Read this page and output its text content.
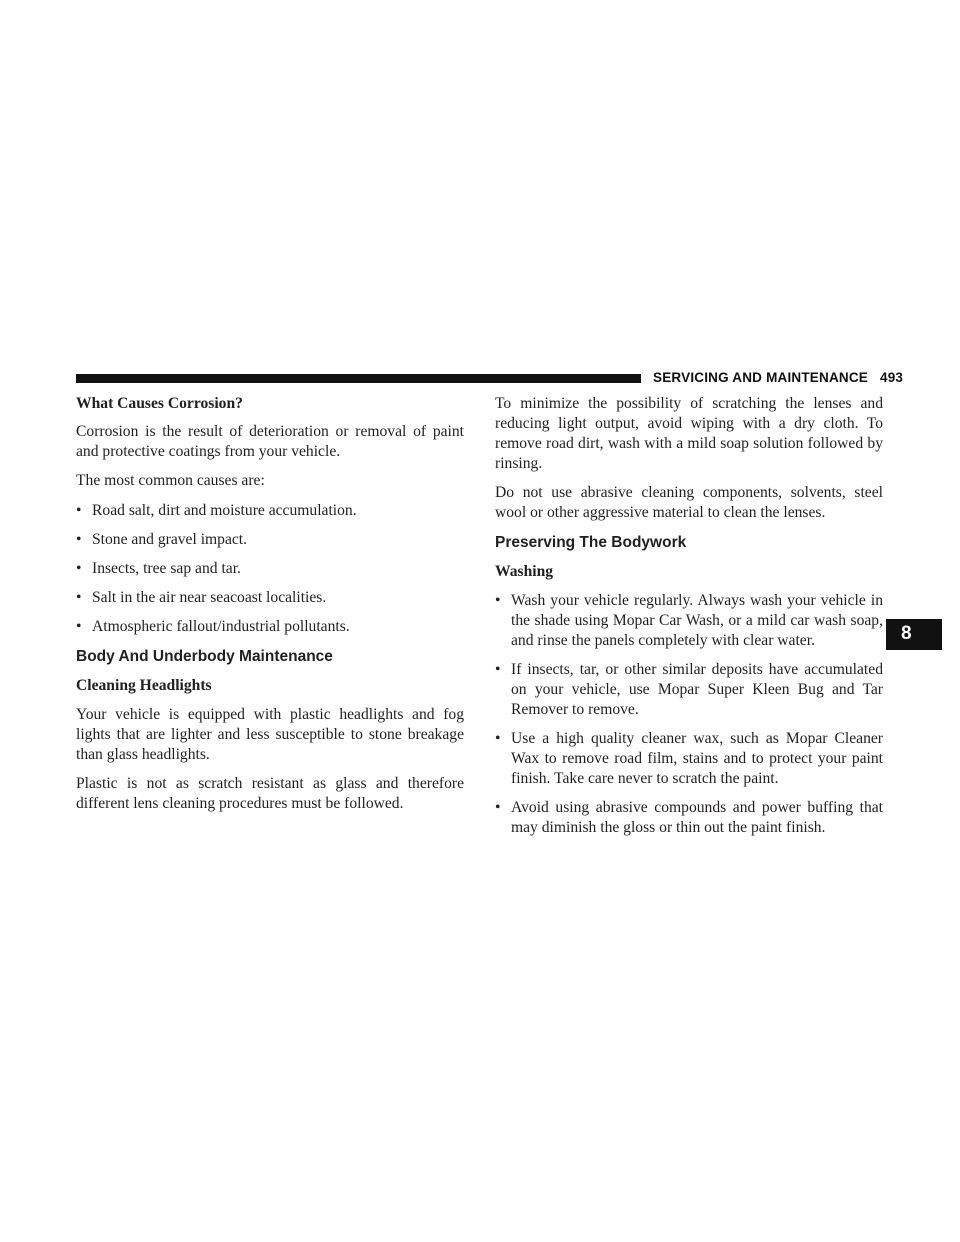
SERVICING AND MAINTENANCE 493
8
What Causes Corrosion?

Corrosion is the result of deterioration or removal of paint and protective coatings from your vehicle.

The most common causes are:

• Road salt, dirt and moisture accumulation.
• Stone and gravel impact.
• Insects, tree sap and tar.
• Salt in the air near seacoast localities.
• Atmospheric fallout/industrial pollutants.
Body And Underbody Maintenance
Cleaning Headlights

Your vehicle is equipped with plastic headlights and fog lights that are lighter and less susceptible to stone breakage than glass headlights.

Plastic is not as scratch resistant as glass and therefore different lens cleaning procedures must be followed.

To minimize the possibility of scratching the lenses and reducing light output, avoid wiping with a dry cloth. To remove road dirt, wash with a mild soap solution followed by rinsing.

Do not use abrasive cleaning components, solvents, steel wool or other aggressive material to clean the lenses.

Preserving The Bodywork
Washing
• Wash your vehicle regularly. Always wash your vehicle in the shade using Mopar Car Wash, or a mild car wash soap, and rinse the panels completely with clear water.
• If insects, tar, or other similar deposits have accumulated on your vehicle, use Mopar Super Kleen Bug and Tar Remover to remove.
• Use a high quality cleaner wax, such as Mopar Cleaner Wax to remove road film, stains and to protect your paint finish. Take care never to scratch the paint.
• Avoid using abrasive compounds and power buffing that may diminish the gloss or thin out the paint finish.
